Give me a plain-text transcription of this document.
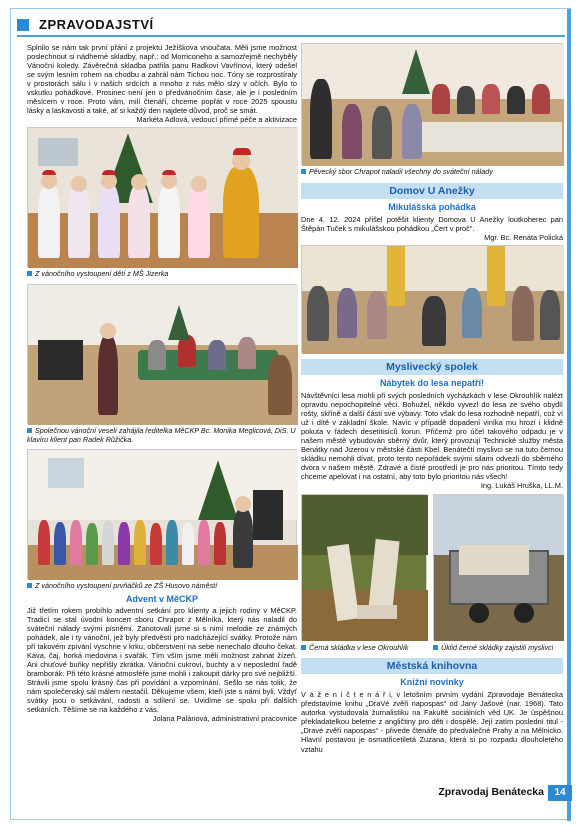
ZPRAVODAJSTVÍ

Splnilo se nám tak první přání z projektu Ježíškova vnoučata. Měli jsme možnost poslechnout si nádherné skladby, např.: od Morriconeho a samozřejmě nechyběly Vánoční koledy. Závěrečná skladba patřila panu Radkovi Vavřínovi, který odešel se svým lesním rohem na chodbu a zahrál nám Tichou noc. Tóny se rozprostíraly v prostorách sálu i v našich srdcích a mnoho z nás mělo slzy v očích. Bylo to vskutku pohádkové. Prosinec není jen o předvánočním čase, ale je i posledním měsícem v roce. Proto vám, milí čtenáři, chceme popřát v roce 2025 spoustu lásky a laskavosti a také, ať si každý den najdete důvod, proč se smát.

Markéta Adlová, vedoucí přímé péče a aktivizace

Z vánočního vystoupení dětí z MŠ Jizerka
Společnou vánoční veselí zahájila ředitelka MěCKP Bc. Monika Meglicová, DiS. U klavíru klient pan Radek Růžička.
Z vánočního vystoupení prvňáčků ze ZŠ Husovo náměstí
Advent v MěCKP

Již třetím rokem probíhlo adventní setkání pro klienty a jejich rodiny v MěCKP. Tradicí se stal úvodní koncert sboru Chrapot z Mělníka, který nás naladil do sváteční nálady svými písněmi. Zanotovali jsme si s nimi melodie ze známých pohádek, ale i ty vánoční, jež byly předvěstí pro nadcházející svátky. Protože nám při takovém zpívání vyschne v krku, občerstvení na sebe nenechalo dlouho čekat. Káva, čaj, horká medovina i svařák. Tím vším jsme měli možnost zahnat žízeň. Ani chuťové buňky nepřišly zkrátka. Vánoční cukroví, buchty a v neposlední řadě bramborák. Při této krásné atmosféře jsme mohli i zakoupit dárky pro své nejbližší. Strávili jsme spolu krásný čas při povídání a vzpomínání. Sešlo se nás tolik, že nám společenský sál málem nestačil. Děkujeme všem, kteří jste s námi byli. Vždyť svátky jsou o setkávání, radosti a sdílení se. Uvidíme se spolu při dalších setkáních. Těšíme se na každého z vás.

Jolana Palánová, administrativní pracovnice

Pěvecký sbor Chrapot naladil všechny do sváteční nálady
Domov U Anežky
Mikulášská pohádka

Dne 4. 12. 2024 přišel potěšit klienty Domova U Anežky loutkoherec pan Štěpán Tuček s mikulášskou pohádkou „Čert v proč“.

Mgr. Bc. Renáta Polická

Myslivecký spolek
Nábytek do lesa nepatří!

Návštěvníci lesa mohli při svých posledních vycházkách v lese Okrouhlík nalézt opravdu nepochopitelné věci. Bohužel, někdo vyvezl do lesa ze svého obydlí rošty, skříně a další části své výbavy. Toto však do lesa rozhodně nepatří, což ví už i dítě v základní škole. Navíc v případě dopadení viníka mu hrozí i klidně pokuta v řádech desetitisíců korun. Přičemž pro účel takového odpadu je v našem městě vybudován sběrný dvůr, který provozují Technické služby města Benátky nad Jizerou v městské části Kbel. Benátečtí myslivci se na tuto černou skládku nemohli dívat, proto tento nepořádek svými silami odvezli do sběrného dvora v našem městě. Zdravé a čisté prostředí je pro nás prioritou. Tímto tedy chceme apelovat i na ostatní, aby toto bylo prioritou nás všech!

Ing. Lukáš Hruška, LL.M.

Černá skládka v lese Okrouhlík	Úklid černé skládky zajistili myslivci
Městská knihovna
Knižní novinky

V á ž e n í č t e n á ř i, v letošním prvním vydání Zpravodaje Benátecka představíme knihu „DraVé zvěři napospas“ od Jany Jašové (nar. 1968). Tato autorka vystudovala žurnalistiku na Fakultě sociálních věd UK. Je úspěšnou překladatelkou beletrie z angličtiny pro děti i dospělé. Její zatím poslední titul - „Dravé zvěři napospas“ - přivede čtenáře do předválečné Prahy a na Mělnicko. Hlavní postavou je osmatřicetiletá Zuzana, která si po rozpadu dlouholetého vztahu

Zpravodaj Benátecka	14
